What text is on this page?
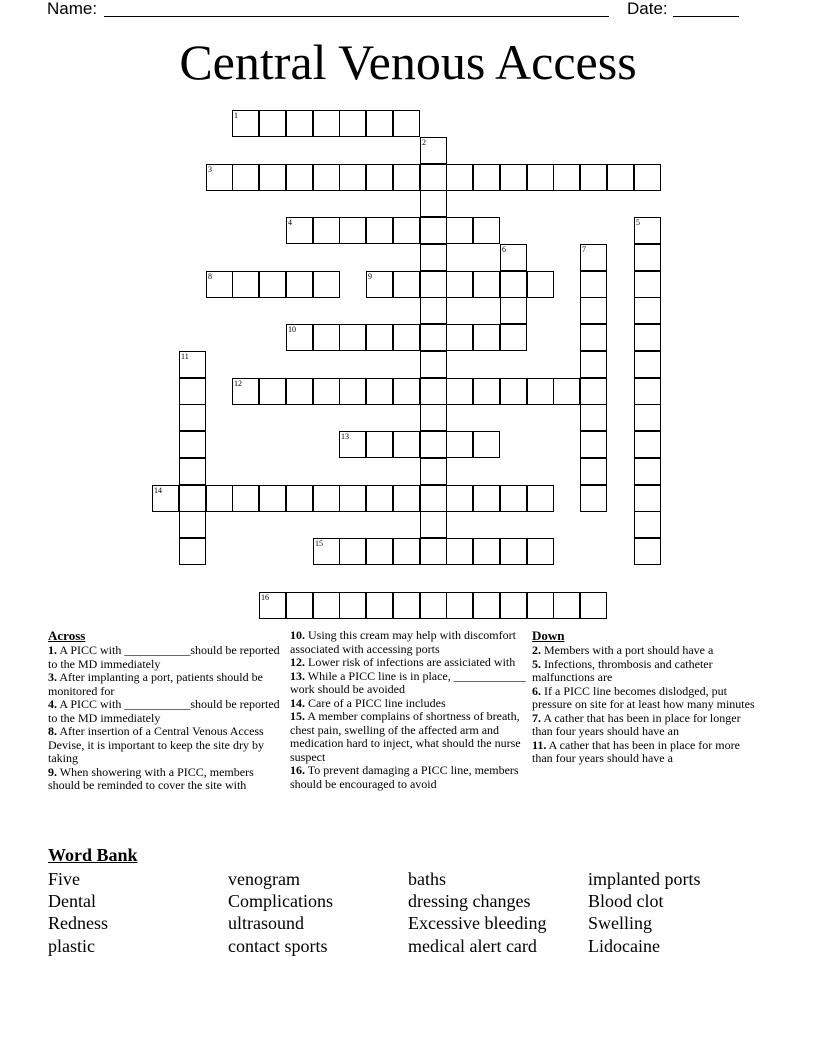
Name:	Date:
Central Venous Access
1
3
4
8	9
10
12
13
14
15
16
2
5
6	7
11
Across
1. A PICC with ___________should be reported to the MD immediately
3. After implanting a port, patients should be monitored for
4. A PICC with ___________should be reported to the MD immediately
8. After insertion of a Central Venous Access Devise, it is important to keep the site dry by taking
9. When showering with a PICC, members should be reminded to cover the site with
10. Using this cream may help with discomfort associated with accessing ports
12. Lower risk of infections are assiciated with
13. While a PICC line is in place, ____________ work should be avoided
14. Care of a PICC line includes
15. A member complains of shortness of breath, chest pain, swelling of the affected arm and medication hard to inject, what should the nurse suspect
16. To prevent damaging a PICC line, members should be encouraged to avoid
Down
2. Members with a port should have a
5. Infections, thrombosis and catheter malfunctions are
6. If a PICC line becomes dislodged, put pressure on site for at least how many minutes
7. A cather that has been in place for longer than four years should have an
11. A cather that has been in place for more than four years should have a
Word Bank
Five
Dental
Redness
plastic
venogram
Complications
ultrasound
contact sports
baths
dressing changes
Excessive bleeding
medical alert card
implanted ports
Blood clot
Swelling
Lidocaine
